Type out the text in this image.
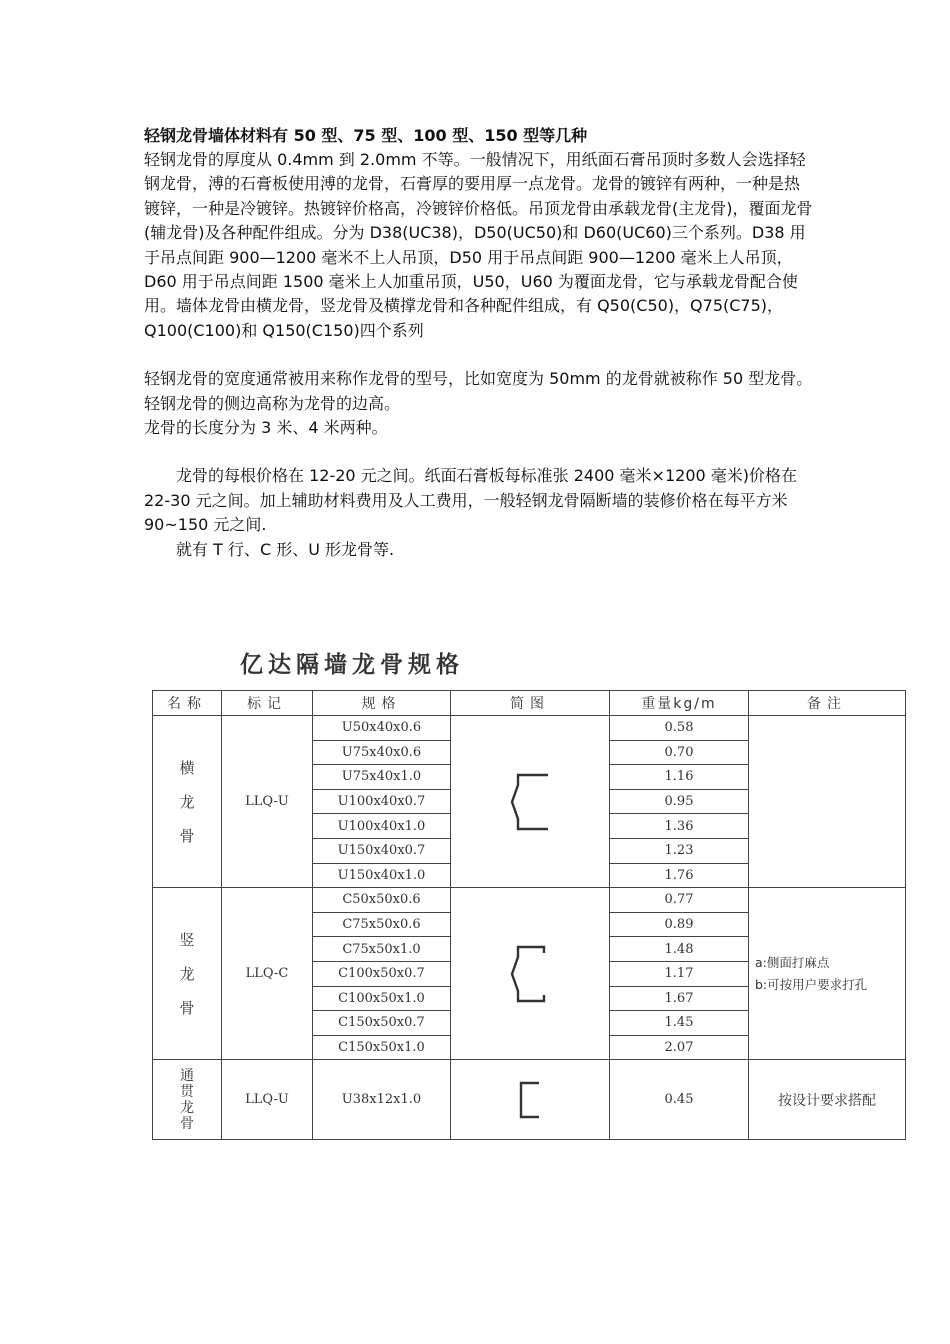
轻钢龙骨墙体材料有 50 型、75 型、100 型、150 型等几种

轻钢龙骨的厚度从 0.4mm 到 2.0mm 不等。一般情况下，用纸面石膏吊顶时多数人会选择轻钢龙骨，溥的石膏板使用溥的龙骨，石膏厚的要用厚一点龙骨。龙骨的镀锌有两种，一种是热镀锌，一种是冷镀锌。热镀锌价格高，冷镀锌价格低。吊顶龙骨由承载龙骨(主龙骨)，覆面龙骨(辅龙骨)及各种配件组成。分为 D38(UC38)，D50(UC50)和 D60(UC60)三个系列。D38 用于吊点间距 900—1200 毫米不上人吊顶，D50 用于吊点间距 900—1200 毫米上人吊顶，D60 用于吊点间距 1500 毫米上人加重吊顶，U50，U60 为覆面龙骨，它与承载龙骨配合使用。墙体龙骨由横龙骨，竖龙骨及横撑龙骨和各种配件组成，有 Q50(C50)，Q75(C75)，Q100(C100)和 Q150(C150)四个系列

轻钢龙骨的宽度通常被用来称作龙骨的型号，比如宽度为 50mm 的龙骨就被称作 50 型龙骨。

轻钢龙骨的侧边高称为龙骨的边高。

龙骨的长度分为 3 米、4 米两种。

龙骨的每根价格在 12-20 元之间。纸面石膏板每标准张 2400 毫米×1200 毫米)价格在 22-30 元之间。加上辅助材料费用及人工费用，一般轻钢龙骨隔断墙的装修价格在每平方米 90~150 元之间.

就有 T 行、C 形、U 形龙骨等.

亿达隔墙龙骨规格
名称	标记	规格	简图	重量kg/m	备注
横龙骨	LLQ-U	U50x40x0.6		0.58	
		U75x40x0.6		0.70	
		U75x40x1.0		1.16	
		U100x40x0.7		0.95	
		U100x40x1.0		1.36	
		U150x40x0.7		1.23	
		U150x40x1.0		1.76	
竖龙骨	LLQ-C	C50x50x0.6		0.77	a:侧面打麻点
b:可按用户要求打孔

		C75x50x0.6		0.89	
		C75x50x1.0		1.48	
		C100x50x0.7		1.17	
		C100x50x1.0		1.67	
		C150x50x0.7		1.45	
		C150x50x1.0		2.07	
通贯龙骨	LLQ-U	U38x12x1.0		0.45	按设计要求搭配
